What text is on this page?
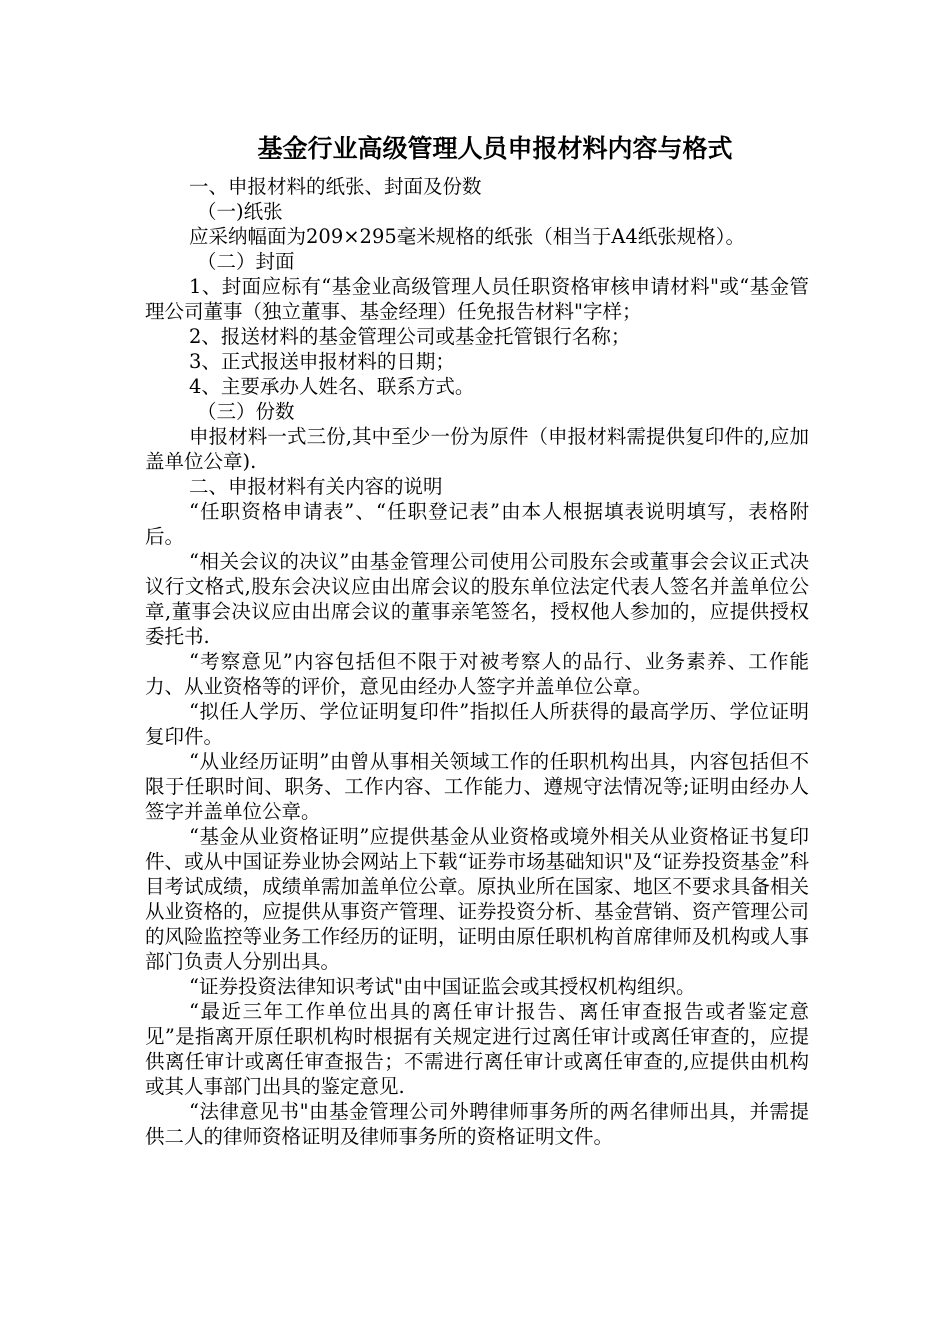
基金行业高级管理人员申报材料内容与格式

一、申报材料的纸张、封面及份数

（一)纸张

应采纳幅面为209×295毫米规格的纸张（相当于A4纸张规格）。

（二）封面

1、封面应标有“基金业高级管理人员任职资格审核申请材料"或“基金管理公司董事（独立董事、基金经理）任免报告材料"字样；

2、报送材料的基金管理公司或基金托管银行名称；

3、正式报送申报材料的日期；

4、主要承办人姓名、联系方式。

（三）份数

申报材料一式三份,其中至少一份为原件（申报材料需提供复印件的,应加盖单位公章).

二、申报材料有关内容的说明

“任职资格申请表”、“任职登记表”由本人根据填表说明填写，表格附后。

“相关会议的决议”由基金管理公司使用公司股东会或董事会会议正式决议行文格式,股东会决议应由出席会议的股东单位法定代表人签名并盖单位公章,董事会决议应由出席会议的董事亲笔签名，授权他人参加的，应提供授权委托书.

“考察意见”内容包括但不限于对被考察人的品行、业务素养、工作能力、从业资格等的评价，意见由经办人签字并盖单位公章。

“拟任人学历、学位证明复印件”指拟任人所获得的最高学历、学位证明复印件。

“从业经历证明”由曾从事相关领域工作的任职机构出具，内容包括但不限于任职时间、职务、工作内容、工作能力、遵规守法情况等;证明由经办人签字并盖单位公章。

“基金从业资格证明”应提供基金从业资格或境外相关从业资格证书复印件、或从中国证券业协会网站上下载“证券市场基础知识"及“证券投资基金”科目考试成绩，成绩单需加盖单位公章。原执业所在国家、地区不要求具备相关从业资格的，应提供从事资产管理、证券投资分析、基金营销、资产管理公司的风险监控等业务工作经历的证明，证明由原任职机构首席律师及机构或人事部门负责人分别出具。

“证券投资法律知识考试"由中国证监会或其授权机构组织。

“最近三年工作单位出具的离任审计报告、离任审查报告或者鉴定意见”是指离开原任职机构时根据有关规定进行过离任审计或离任审查的，应提供离任审计或离任审查报告；不需进行离任审计或离任审查的,应提供由机构或其人事部门出具的鉴定意见.

“法律意见书"由基金管理公司外聘律师事务所的两名律师出具，并需提供二人的律师资格证明及律师事务所的资格证明文件。
